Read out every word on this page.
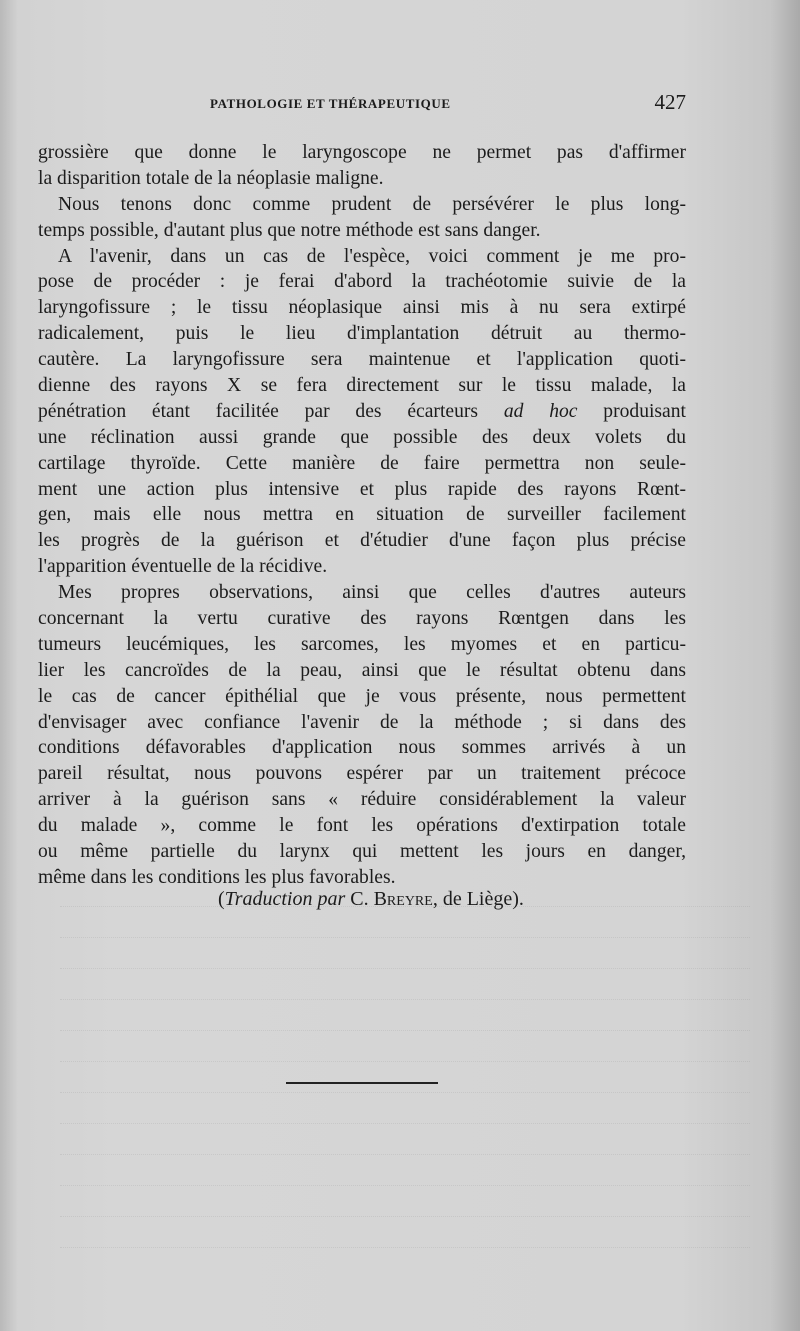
PATHOLOGIE ET THÉRAPEUTIQUE	427
grossière que donne le laryngoscope ne permet pas d'affirmer
la disparition totale de la néoplasie maligne.
Nous tenons donc comme prudent de persévérer le plus long-
temps possible, d'autant plus que notre méthode est sans danger.
A l'avenir, dans un cas de l'espèce, voici comment je me pro-
pose de procéder : je ferai d'abord la trachéotomie suivie de la
laryngofissure ; le tissu néoplasique ainsi mis à nu sera extirpé
radicalement, puis le lieu d'implantation détruit au thermo-
cautère. La laryngofissure sera maintenue et l'application quoti-
dienne des rayons X se fera directement sur le tissu malade, la
pénétration étant facilitée par des écarteurs ad hoc produisant
une réclination aussi grande que possible des deux volets du
cartilage thyroïde. Cette manière de faire permettra non seule-
ment une action plus intensive et plus rapide des rayons Rœnt-
gen, mais elle nous mettra en situation de surveiller facilement
les progrès de la guérison et d'étudier d'une façon plus précise
l'apparition éventuelle de la récidive.
Mes propres observations, ainsi que celles d'autres auteurs
concernant la vertu curative des rayons Rœntgen dans les
tumeurs leucémiques, les sarcomes, les myomes et en particu-
lier les cancroïdes de la peau, ainsi que le résultat obtenu dans
le cas de cancer épithélial que je vous présente, nous permettent
d'envisager avec confiance l'avenir de la méthode ; si dans des
conditions défavorables d'application nous sommes arrivés à un
pareil résultat, nous pouvons espérer par un traitement précoce
arriver à la guérison sans « réduire considérablement la valeur
du malade », comme le font les opérations d'extirpation totale
ou même partielle du larynx qui mettent les jours en danger,
même dans les conditions les plus favorables.
(Traduction par C. Breyre, de Liège).
